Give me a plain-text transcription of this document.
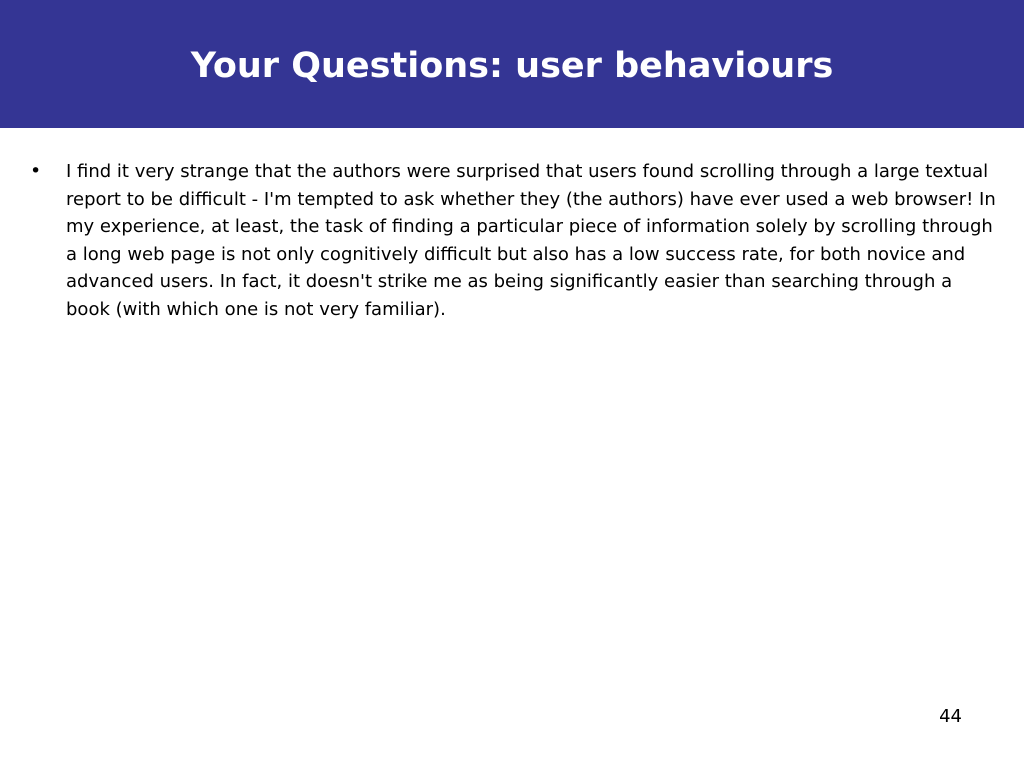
Your Questions: user behaviours
•	I find it very strange that the authors were surprised that users found scrolling through a large textual report to be difficult - I'm tempted to ask whether they (the authors) have ever used a web browser! In my experience, at least, the task of finding a particular piece of information solely by scrolling through a long web page is not only cognitively difficult but also has a low success rate, for both novice and advanced users. In fact, it doesn't strike me as being significantly easier than searching through a book (with which one is not very familiar).
44
